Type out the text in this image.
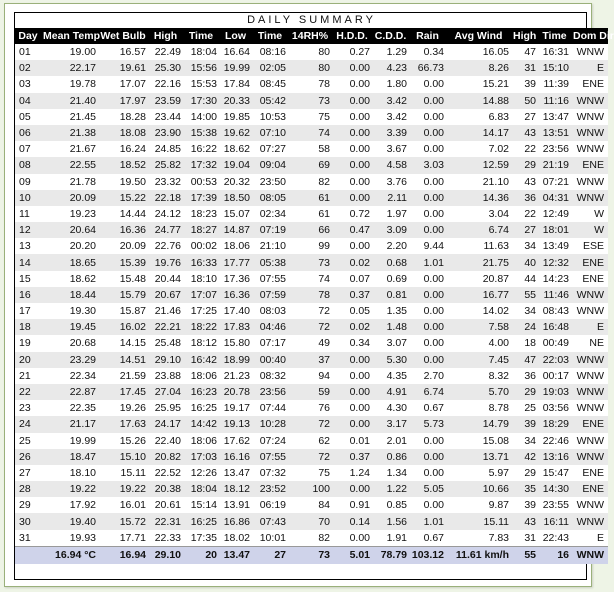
DAILY SUMMARY
Day	Mean Temp	Wet Bulb	High	Time	Low	Time	14RH%	H.D.D.	C.D.D.	Rain	Avg Wind	High	Time	Dom Dir
01	19.00	16.57	22.49	18:04	16.64	08:16	80	0.27	1.29	0.34	16.05	47	16:31	WNW
02	22.17	19.61	25.30	15:56	19.99	02:05	80	0.00	4.23	66.73	8.26	31	15:10	E
03	19.78	17.07	22.16	15:53	17.84	08:45	78	0.00	1.80	0.00	15.21	39	11:39	ENE
04	21.40	17.97	23.59	17:30	20.33	05:42	73	0.00	3.42	0.00	14.88	50	11:16	WNW
05	21.45	18.28	23.44	14:00	19.85	10:53	75	0.00	3.42	0.00	6.83	27	13:47	WNW
06	21.38	18.08	23.90	15:38	19.62	07:10	74	0.00	3.39	0.00	14.17	43	13:51	WNW
07	21.67	16.24	24.85	16:22	18.62	07:27	58	0.00	3.67	0.00	7.02	22	23:56	WNW
08	22.55	18.52	25.82	17:32	19.04	09:04	69	0.00	4.58	3.03	12.59	29	21:19	ENE
09	21.78	19.50	23.32	00:53	20.32	23:50	82	0.00	3.76	0.00	21.10	43	07:21	WNW
10	20.09	15.22	22.18	17:39	18.50	08:05	61	0.00	2.11	0.00	14.36	36	04:31	WNW
11	19.23	14.44	24.12	18:23	15.07	02:34	61	0.72	1.97	0.00	3.04	22	12:49	W
12	20.64	16.36	24.77	18:27	14.87	07:19	66	0.47	3.09	0.00	6.74	27	18:01	W
13	20.20	20.09	22.76	00:02	18.06	21:10	99	0.00	2.20	9.44	11.63	34	13:49	ESE
14	18.65	15.39	19.76	16:33	17.77	05:38	73	0.02	0.68	1.01	21.75	40	12:32	ENE
15	18.62	15.48	20.44	18:10	17.36	07:55	74	0.07	0.69	0.00	20.87	44	14:23	ENE
16	18.44	15.79	20.67	17:07	16.36	07:59	78	0.37	0.81	0.00	16.77	55	11:46	WNW
17	19.30	15.87	21.46	17:25	17.40	08:03	72	0.05	1.35	0.00	14.02	34	08:43	WNW
18	19.45	16.02	22.21	18:22	17.83	04:46	72	0.02	1.48	0.00	7.58	24	16:48	E
19	20.68	14.15	25.48	18:12	15.80	07:17	49	0.34	3.07	0.00	4.00	18	00:49	NE
20	23.29	14.51	29.10	16:42	18.99	00:40	37	0.00	5.30	0.00	7.45	47	22:03	WNW
21	22.34	21.59	23.88	18:06	21.23	08:32	94	0.00	4.35	2.70	8.32	36	00:17	WNW
22	22.87	17.45	27.04	16:23	20.78	23:56	59	0.00	4.91	6.74	5.70	29	19:03	WNW
23	22.35	19.26	25.95	16:25	19.17	07:44	76	0.00	4.30	0.67	8.78	25	03:56	WNW
24	21.17	17.63	24.17	14:42	19.13	10:28	72	0.00	3.17	5.73	14.79	39	18:29	ENE
25	19.99	15.26	22.40	18:06	17.62	07:24	62	0.01	2.01	0.00	15.08	34	22:46	WNW
26	18.47	15.10	20.82	17:03	16.16	07:55	72	0.37	0.86	0.00	13.71	42	13:16	WNW
27	18.10	15.11	22.52	12:26	13.47	07:32	75	1.24	1.34	0.00	5.97	29	15:47	ENE
28	19.22	19.22	20.38	18:04	18.12	23:52	100	0.00	1.22	5.05	10.66	35	14:30	ENE
29	17.92	16.01	20.61	15:14	13.91	06:19	84	0.91	0.85	0.00	9.87	39	23:55	WNW
30	19.40	15.72	22.31	16:25	16.86	07:43	70	0.14	1.56	1.01	15.11	43	16:11	WNW
31	19.93	17.71	22.33	17:35	18.02	10:01	82	0.00	1.91	0.67	7.83	31	22:43	E
	16.94 °C	16.94	29.10	20	13.47	27	73	5.01	78.79	103.12	11.61 km/h	55	16	WNW
